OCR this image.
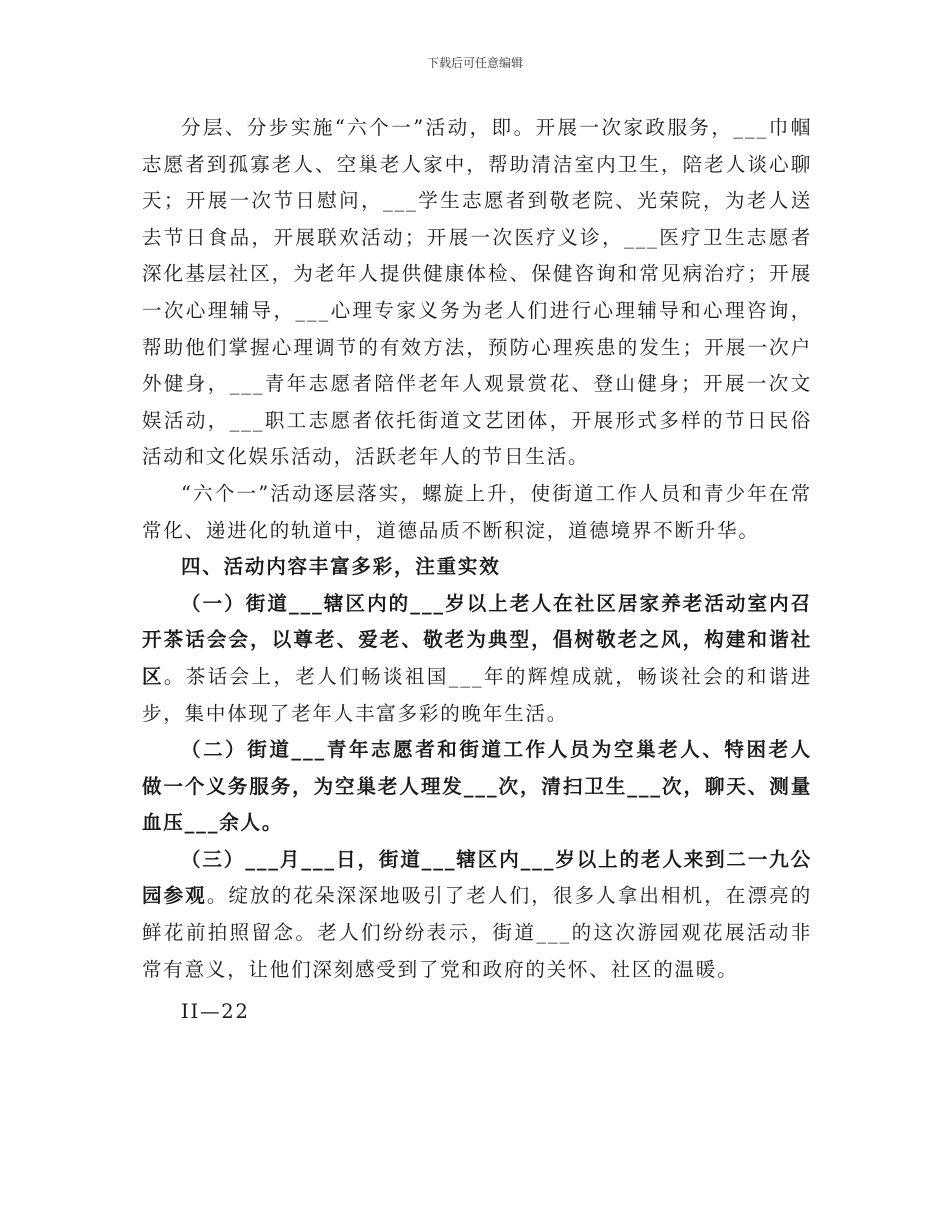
下载后可任意编辑

分层、分步实施“六个一”活动，即。开展一次家政服务，___巾帼志愿者到孤寡老人、空巢老人家中，帮助清洁室内卫生，陪老人谈心聊天；开展一次节日慰问，___学生志愿者到敬老院、光荣院，为老人送去节日食品，开展联欢活动；开展一次医疗义诊，___医疗卫生志愿者深化基层社区，为老年人提供健康体检、保健咨询和常见病治疗；开展一次心理辅导，___心理专家义务为老人们进行心理辅导和心理咨询，帮助他们掌握心理调节的有效方法，预防心理疾患的发生；开展一次户外健身，___青年志愿者陪伴老年人观景赏花、登山健身；开展一次文娱活动，___职工志愿者依托街道文艺团体，开展形式多样的节日民俗活动和文化娱乐活动，活跃老年人的节日生活。

“六个一”活动逐层落实，螺旋上升，使街道工作人员和青少年在常常化、递进化的轨道中，道德品质不断积淀，道德境界不断升华。

四、活动内容丰富多彩，注重实效

（一）街道___辖区内的___岁以上老人在社区居家养老活动室内召开茶话会会，以尊老、爱老、敬老为典型，倡树敬老之风，构建和谐社区。茶话会上，老人们畅谈祖国___年的辉煌成就，畅谈社会的和谐进步，集中体现了老年人丰富多彩的晚年生活。

（二）街道___青年志愿者和街道工作人员为空巢老人、特困老人做一个义务服务，为空巢老人理发___次，清扫卫生___次，聊天、测量血压___余人。

（三）___月___日，街道___辖区内___岁以上的老人来到二一九公园参观。绽放的花朵深深地吸引了老人们，很多人拿出相机，在漂亮的鲜花前拍照留念。老人们纷纷表示，街道___的这次游园观花展活动非常有意义，让他们深刻感受到了党和政府的关怀、社区的温暖。

II—22
